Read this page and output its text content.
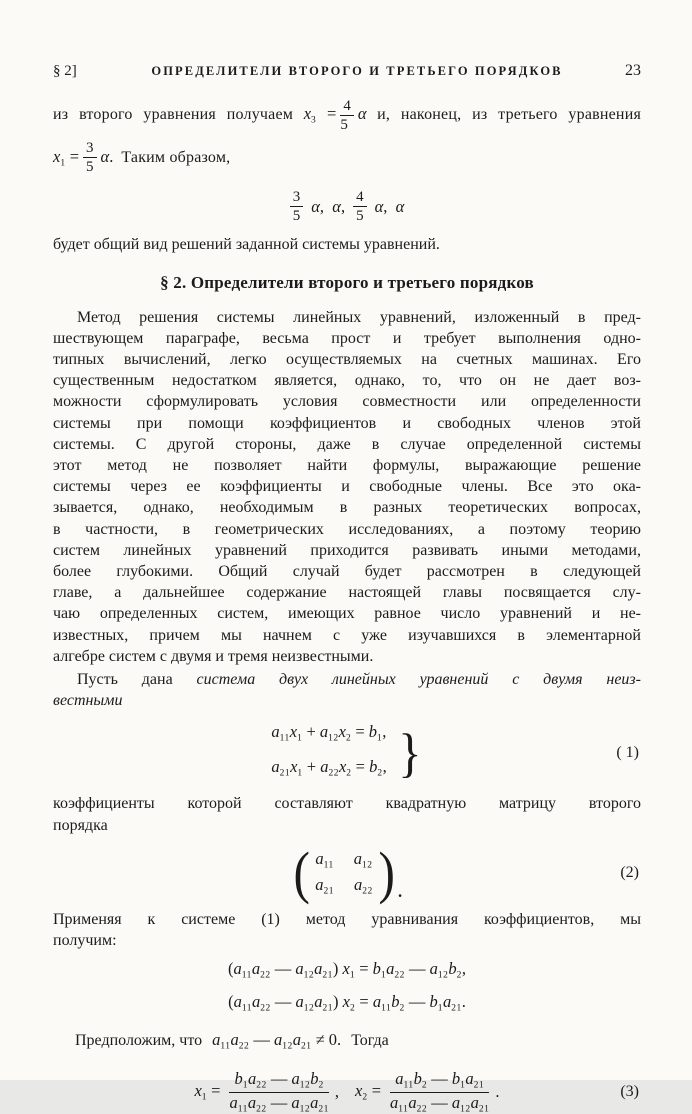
§ 2]	ОПРЕДЕЛИТЕЛИ ВТОРОГО И ТРЕТЬЕГО ПОРЯДКОВ	23
из второго уравнения получаем $x_3 = \frac{4}{5}$ α и, наконец, из третьего уравнения
$x_1 = \frac{3}{5} \alpha$. Таким образом,
$\frac{3}{5} \alpha$,  α, $\frac{4}{5} \alpha$,  α
будет общий вид решений заданной системы уравнений.
§ 2. Определители второго и третьего порядков
Метод решения системы линейных уравнений, изложенный в пред-
шествующем параграфе, весьма прост и требует выполнения одно-
типных вычислений, легко осуществляемых на счетных машинах. Его
существенным недостатком является, однако, то, что он не дает воз-
можности сформулировать условия совместности или определенности
системы при помощи коэффициентов и свободных членов этой
системы. С другой стороны, даже в случае определенной системы
этот метод не позволяет найти формулы, выражающие решение
системы через ее коэффициенты и свободные члены. Все это ока-
зывается, однако, необходимым в разных теоретических вопросах,
в частности, в геометрических исследованиях, а поэтому теорию
систем линейных уравнений приходится развивать иными методами,
более глубокими. Общий случай будет рассмотрен в следующей
главе, а дальнейшее содержание настоящей главы посвящается слу-
чаю определенных систем, имеющих равное число уравнений и не-
известных, причем мы начнем с уже изучавшихся в элементарной
алгебре систем с двумя и тремя неизвестными.
Пусть дана система двух линейных уравнений с двумя неиз-
вестными
$a_{11}x_1 + a_{12}x_2 = b_1$,
$a_{21}x_1 + a_{22}x_2 = b_2$, }	( 1)
коэффициенты которой составляют квадратную матрицу второго
порядка
( $a_{11}$ $a_{12}$
$a_{21}$ $a_{22}$ ) .
(2)
Применяя к системе (1) метод уравнивания коэффициентов, мы
получим:
($a_{11}a_{22}$ — $a_{12}a_{21}$) $x_1 = b_1a_{22}$ — $a_{12}b_2$,
($a_{11}a_{22}$ — $a_{12}a_{21}$) $x_2 = a_{11}b_2$ — $b_1a_{21}$.
Предположим, что $a_{11}a_{22}$ — $a_{12}a_{21} \ne 0$. Тогда
$x_1 = \frac{b_1a_{22} — a_{12}b_2}{a_{11}a_{22} — a_{12}a_{21}}$ , $x_2 = \frac{a_{11}b_2 — b_1a_{21}}{a_{11}a_{22} — a_{12}a_{21}}$ .	(3)
